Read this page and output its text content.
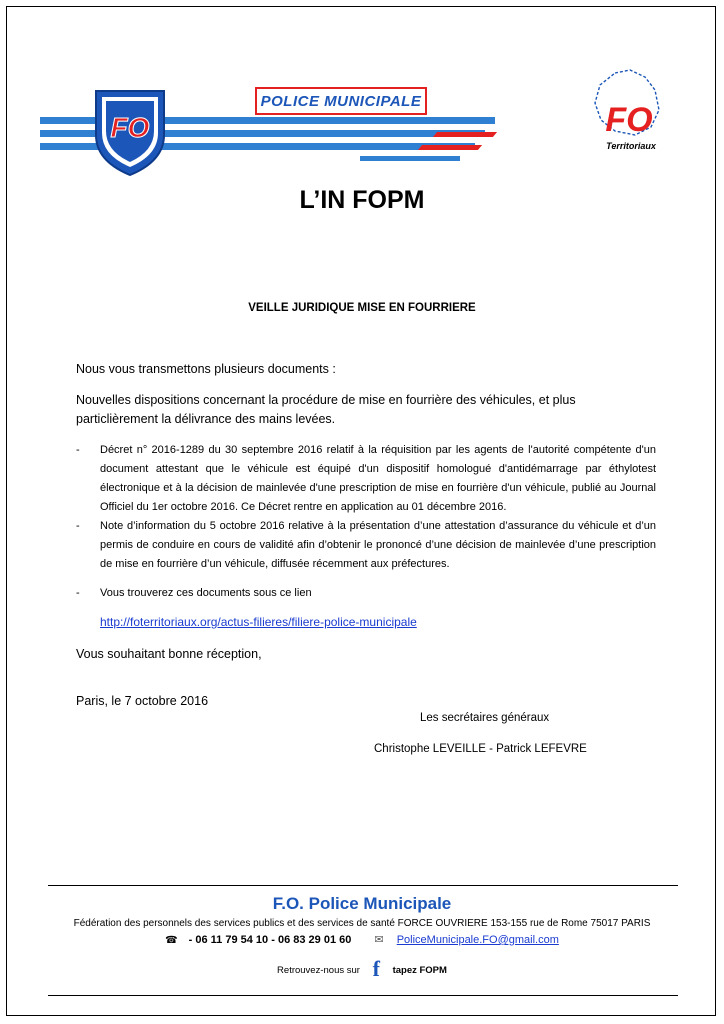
FO
POLICE MUNICIPALE	FO
Territoriaux
L’IN FOPM
VEILLE JURIDIQUE MISE EN FOURRIERE
Nous vous transmettons plusieurs documents :
Nouvelles dispositions concernant la procédure de mise en fourrière des véhicules, et plus particlièrement la délivrance des mains levées.
- Décret n° 2016-1289 du 30 septembre 2016 relatif à la réquisition par les agents de l'autorité compétente d'un document attestant que le véhicule est équipé d'un dispositif homologué d'antidémarrage par éthylotest électronique et à la décision de mainlevée d'une prescription de mise en fourrière d'un véhicule, publié au Journal Officiel du 1er octobre 2016. Ce Décret rentre en application au 01 décembre 2016.
- Note d’information du 5 octobre 2016 relative à la présentation d’une attestation d’assurance du véhicule et d’un permis de conduire en cours de validité afin d’obtenir le prononcé d’une décision de mainlevée d’une prescription de mise en fourrière d’un véhicule, diffusée récemment aux préfectures.
- Vous trouverez ces documents sous ce lien
http://foterritoriaux.org/actus-filieres/filiere-police-municipale
Vous souhaitant bonne réception,
Paris, le 7 octobre 2016
Les secrétaires généraux
Christophe LEVEILLE - Patrick LEFEVRE
F.O. Police Municipale
Fédération des personnels des services publics et des services de santé FORCE OUVRIERE 153-155 rue de Rome 75017 PARIS
☎ - 06 11 79 54 10 - 06 83 29 01 60 ✉ PoliceMunicipale.FO@gmail.com
Retrouvez-nous sur f tapez FOPM
